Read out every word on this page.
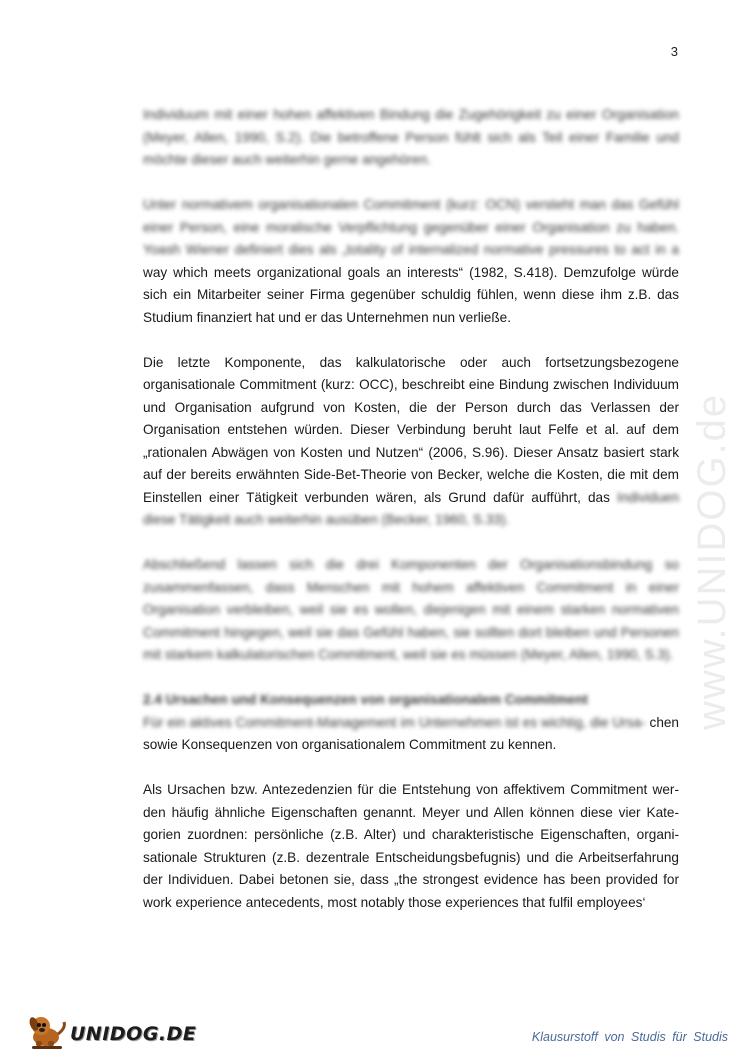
3
www.UNIDOG.de

Individuum mit einer hohen affektiven Bindung die Zugehörigkeit zu einer Organisation (Meyer, Allen, 1990, S.2). Die betroffene Person fühlt sich als Teil einer Familie und möchte dieser auch weiterhin gerne angehören.

Unter normativem organisationalen Commitment (kurz: OCN) versteht man das Gefühl einer Person, eine moralische Verpflichtung gegenüber einer Organisation zu haben. Yoash Wiener definiert dies als „totality of internalized normative pressures to act in a way which meets organizational goals an interests“ (1982, S.418). Demzufolge würde sich ein Mitarbeiter seiner Firma gegenüber schuldig fühlen, wenn diese ihm z.B. das Studium finanziert hat und er das Unternehmen nun verließe.

Die letzte Komponente, das kalkulatorische oder auch fortsetzungsbezogene organisationale Commitment (kurz: OCC), beschreibt eine Bindung zwischen Individuum und Organisation aufgrund von Kosten, die der Person durch das Verlassen der Organisation entstehen würden. Dieser Verbindung beruht laut Felfe et al. auf dem „rationalen Abwägen von Kosten und Nutzen“ (2006, S.96). Dieser Ansatz basiert stark auf der bereits erwähnten Side-Bet-Theorie von Becker, welche die Kosten, die mit dem Einstellen einer Tätigkeit verbunden wären, als Grund dafür aufführt, das Individuen diese Tätigkeit auch weiterhin ausüben (Becker, 1960, S.33).

Abschließend lassen sich die drei Komponenten der Organisationsbindung so zusammenfassen, dass Menschen mit hohem affektiven Commitment in einer Organisation verbleiben, weil sie es wollen, diejenigen mit einem starken normativen Commitment hingegen, weil sie das Gefühl haben, sie sollten dort bleiben und Personen mit starkem kalkulatorischen Commitment, weil sie es müssen (Meyer, Allen, 1990, S.3).

2.4 Ursachen und Konsequenzen von organisationalem Commitment
Für ein aktives Commitment-Management im Unternehmen ist es wichtig, die Ursa- chen sowie Konsequenzen von organisationalem Commitment zu kennen.

Als Ursachen bzw. Antezedenzien für die Entstehung von affektivem Commitment wer-den häufig ähnliche Eigenschaften genannt. Meyer und Allen können diese vier Kate-gorien zuordnen: persönliche (z.B. Alter) und charakteristische Eigenschaften, organi-sationale Strukturen (z.B. dezentrale Entscheidungsbefugnis) und die Arbeitserfahrung der Individuen. Dabei betonen sie, dass „the strongest evidence has been provided for work experience antecedents, most notably those experiences that fulfil employees‘

UNIDOG.DE	Klausurstoff von Studis für Studis
